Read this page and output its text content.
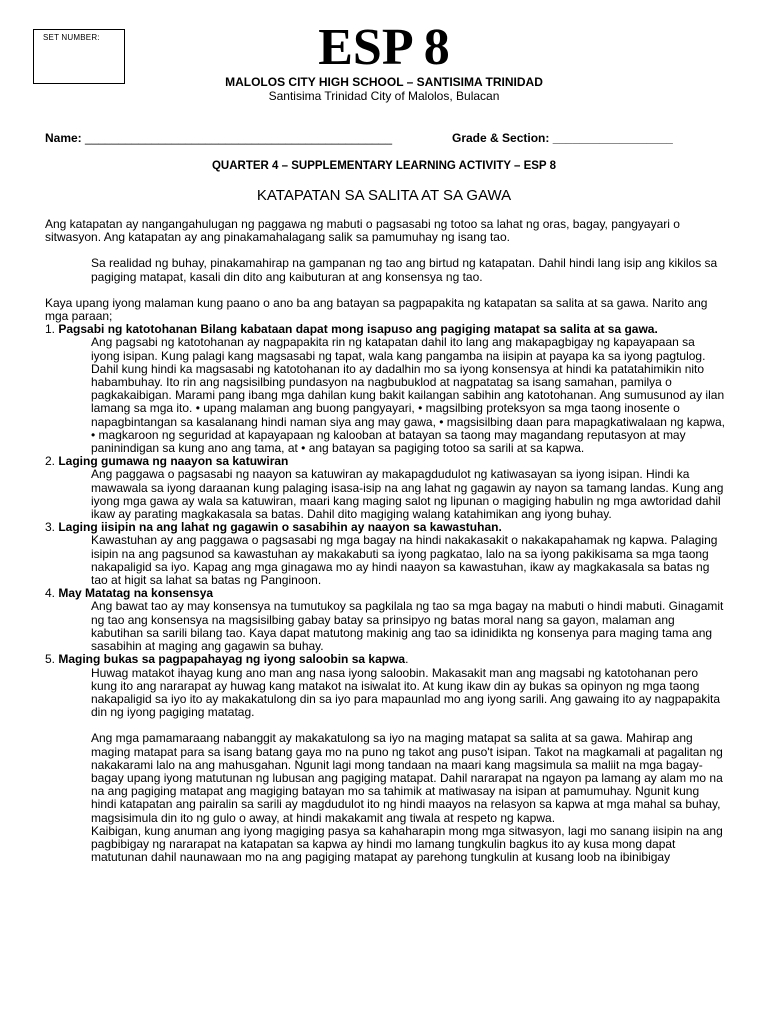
SET NUMBER:	ESP 8
MALOLOS CITY HIGH SCHOOL – SANTISIMA TRINIDAD
Santisima Trinidad City of Malolos, Bulacan
Name: ______________________________________________	Grade & Section: __________________
QUARTER 4 – SUPPLEMENTARY LEARNING ACTIVITY – ESP 8
KATAPATAN SA SALITA AT SA GAWA

Ang katapatan ay nangangahulugan ng paggawa ng mabuti o pagsasabi ng totoo sa lahat ng oras, bagay, pangyayari o sitwasyon. Ang katapatan ay ang pinakamahalagang salik sa pamumuhay ng isang tao.

Sa realidad ng buhay, pinakamahirap na gampanan ng tao ang birtud ng katapatan. Dahil hindi lang isip ang kikilos sa pagiging matapat, kasali din dito ang kaibuturan at ang konsensya ng tao.

Kaya upang iyong malaman kung paano o ano ba ang batayan sa pagpapakita ng katapatan sa salita at sa gawa. Narito ang mga paraan;

1. Pagsabi ng katotohanan Bilang kabataan dapat mong isapuso ang pagiging matapat sa salita at sa gawa.

Ang pagsabi ng katotohanan ay nagpapakita rin ng katapatan dahil ito lang ang makapagbigay ng kapayapaan sa iyong isipan. Kung palagi kang magsasabi ng tapat, wala kang pangamba na iisipin at payapa ka sa iyong pagtulog. Dahil kung hindi ka magsasabi ng katotohanan ito ay dadalhin mo sa iyong konsensya at hindi ka patatahimikin nito habambuhay. Ito rin ang nagsisilbing pundasyon na nagbubuklod at nagpatatag sa isang samahan, pamilya o pagkakaibigan. Marami pang ibang mga dahilan kung bakit kailangan sabihin ang katotohanan. Ang sumusunod ay ilan lamang sa mga ito. • upang malaman ang buong pangyayari, • magsilbing proteksyon sa mga taong inosente o napagbintangan sa kasalanang hindi naman siya ang may gawa, • magsisilbing daan para mapagkatiwalaan ng kapwa, • magkaroon ng seguridad at kapayapaan ng kalooban at batayan sa taong may magandang reputasyon at may paninindigan sa kung ano ang tama, at • ang batayan sa pagiging totoo sa sarili at sa kapwa.

2. Laging gumawa ng naayon sa katuwiran

Ang paggawa o pagsasabi ng naayon sa katuwiran ay makapagdudulot ng katiwasayan sa iyong isipan. Hindi ka mawawala sa iyong daraanan kung palaging isasa-isip na ang lahat ng gagawin ay nayon sa tamang landas. Kung ang iyong mga gawa ay wala sa katuwiran, maari kang maging salot ng lipunan o magiging habulin ng mga awtoridad dahil ikaw ay parating magkakasala sa batas. Dahil dito magiging walang katahimikan ang iyong buhay.

3. Laging iisipin na ang lahat ng gagawin o sasabihin ay naayon sa kawastuhan.

Kawastuhan ay ang paggawa o pagsasabi ng mga bagay na hindi nakakasakit o nakakapahamak ng kapwa. Palaging isipin na ang pagsunod sa kawastuhan ay makakabuti sa iyong pagkatao, lalo na sa iyong pakikisama sa mga taong nakapaligid sa iyo. Kapag ang mga ginagawa mo ay hindi naayon sa kawastuhan, ikaw ay magkakasala sa batas ng tao at higit sa lahat sa batas ng Panginoon.

4. May Matatag na konsensya

Ang bawat tao ay may konsensya na tumutukoy sa pagkilala ng tao sa mga bagay na mabuti o hindi mabuti. Ginagamit ng tao ang konsensya na magsisilbing gabay batay sa prinsipyo ng batas moral nang sa gayon, malaman ang kabutihan sa sarili bilang tao. Kaya dapat matutong makinig ang tao sa idinidikta ng konsenya para maging tama ang sasabihin at maging ang gagawin sa buhay.

5. Maging bukas sa pagpapahayag ng iyong saloobin sa kapwa.

Huwag matakot ihayag kung ano man ang nasa iyong saloobin. Makasakit man ang magsabi ng katotohanan pero kung ito ang nararapat ay huwag kang matakot na isiwalat ito. At kung ikaw din ay bukas sa opinyon ng mga taong nakapaligid sa iyo ito ay makakatulong din sa iyo para mapaunlad mo ang iyong sarili. Ang gawaing ito ay nagpapakita din ng iyong pagiging matatag.

Ang mga pamamaraang nabanggit ay makakatulong sa iyo na maging matapat sa salita at sa gawa. Mahirap ang maging matapat para sa isang batang gaya mo na puno ng takot ang puso't isipan. Takot na magkamali at pagalitan ng nakakarami lalo na ang mahusgahan. Ngunit lagi mong tandaan na maari kang magsimula sa maliit na mga bagay-bagay upang iyong matutunan ng lubusan ang pagiging matapat. Dahil nararapat na ngayon pa lamang ay alam mo na na ang pagiging matapat ang magiging batayan mo sa tahimik at matiwasay na isipan at pamumuhay. Ngunit kung hindi katapatan ang pairalin sa sarili ay magdudulot ito ng hindi maayos na relasyon sa kapwa at mga mahal sa buhay, magsisimula din ito ng gulo o away, at hindi makakamit ang tiwala at respeto ng kapwa.

Kaibigan, kung anuman ang iyong magiging pasya sa kahaharapin mong mga sitwasyon, lagi mo sanang iisipin na ang pagbibigay ng nararapat na katapatan sa kapwa ay hindi mo lamang tungkulin bagkus ito ay kusa mong dapat matutunan dahil naunawaan mo na ang pagiging matapat ay parehong tungkulin at kusang loob na ibinibigay
